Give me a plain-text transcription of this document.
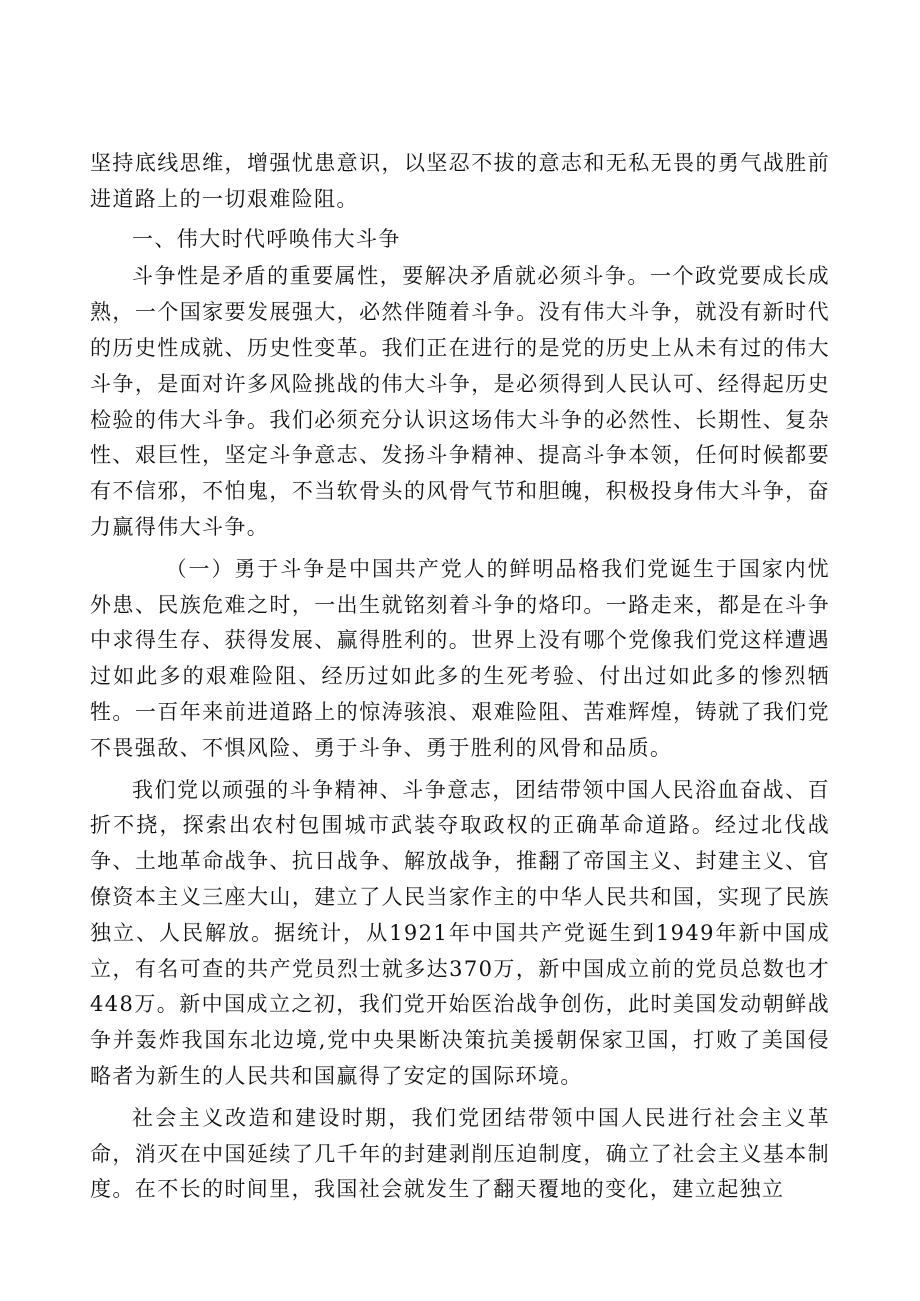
坚持底线思维，增强忧患意识，以坚忍不拔的意志和无私无畏的勇气战胜前进道路上的一切艰难险阻。

一、伟大时代呼唤伟大斗争

斗争性是矛盾的重要属性，要解决矛盾就必须斗争。一个政党要成长成熟，一个国家要发展强大，必然伴随着斗争。没有伟大斗争，就没有新时代的历史性成就、历史性变革。我们正在进行的是党的历史上从未有过的伟大斗争，是面对许多风险挑战的伟大斗争，是必须得到人民认可、经得起历史检验的伟大斗争。我们必须充分认识这场伟大斗争的必然性、长期性、复杂性、艰巨性，坚定斗争意志、发扬斗争精神、提高斗争本领，任何时候都要有不信邪，不怕鬼，不当软骨头的风骨气节和胆魄，积极投身伟大斗争，奋力赢得伟大斗争。

（一）勇于斗争是中国共产党人的鲜明品格我们党诞生于国家内忧外患、民族危难之时，一出生就铭刻着斗争的烙印。一路走来，都是在斗争中求得生存、获得发展、赢得胜利的。世界上没有哪个党像我们党这样遭遇过如此多的艰难险阻、经历过如此多的生死考验、付出过如此多的惨烈牺牲。一百年来前进道路上的惊涛骇浪、艰难险阻、苦难辉煌，铸就了我们党不畏强敌、不惧风险、勇于斗争、勇于胜利的风骨和品质。

我们党以顽强的斗争精神、斗争意志，团结带领中国人民浴血奋战、百折不挠，探索出农村包围城市武装夺取政权的正确革命道路。经过北伐战争、土地革命战争、抗日战争、解放战争，推翻了帝国主义、封建主义、官僚资本主义三座大山，建立了人民当家作主的中华人民共和国，实现了民族独立、人民解放。据统计，从1921年中国共产党诞生到1949年新中国成立，有名可查的共产党员烈士就多达370万，新中国成立前的党员总数也才448万。新中国成立之初，我们党开始医治战争创伤，此时美国发动朝鲜战争并轰炸我国东北边境,党中央果断决策抗美援朝保家卫国，打败了美国侵略者为新生的人民共和国赢得了安定的国际环境。

社会主义改造和建设时期，我们党团结带领中国人民进行社会主义革命，消灭在中国延续了几千年的封建剥削压迫制度，确立了社会主义基本制度。在不长的时间里，我国社会就发生了翻天覆地的变化，建立起独立
